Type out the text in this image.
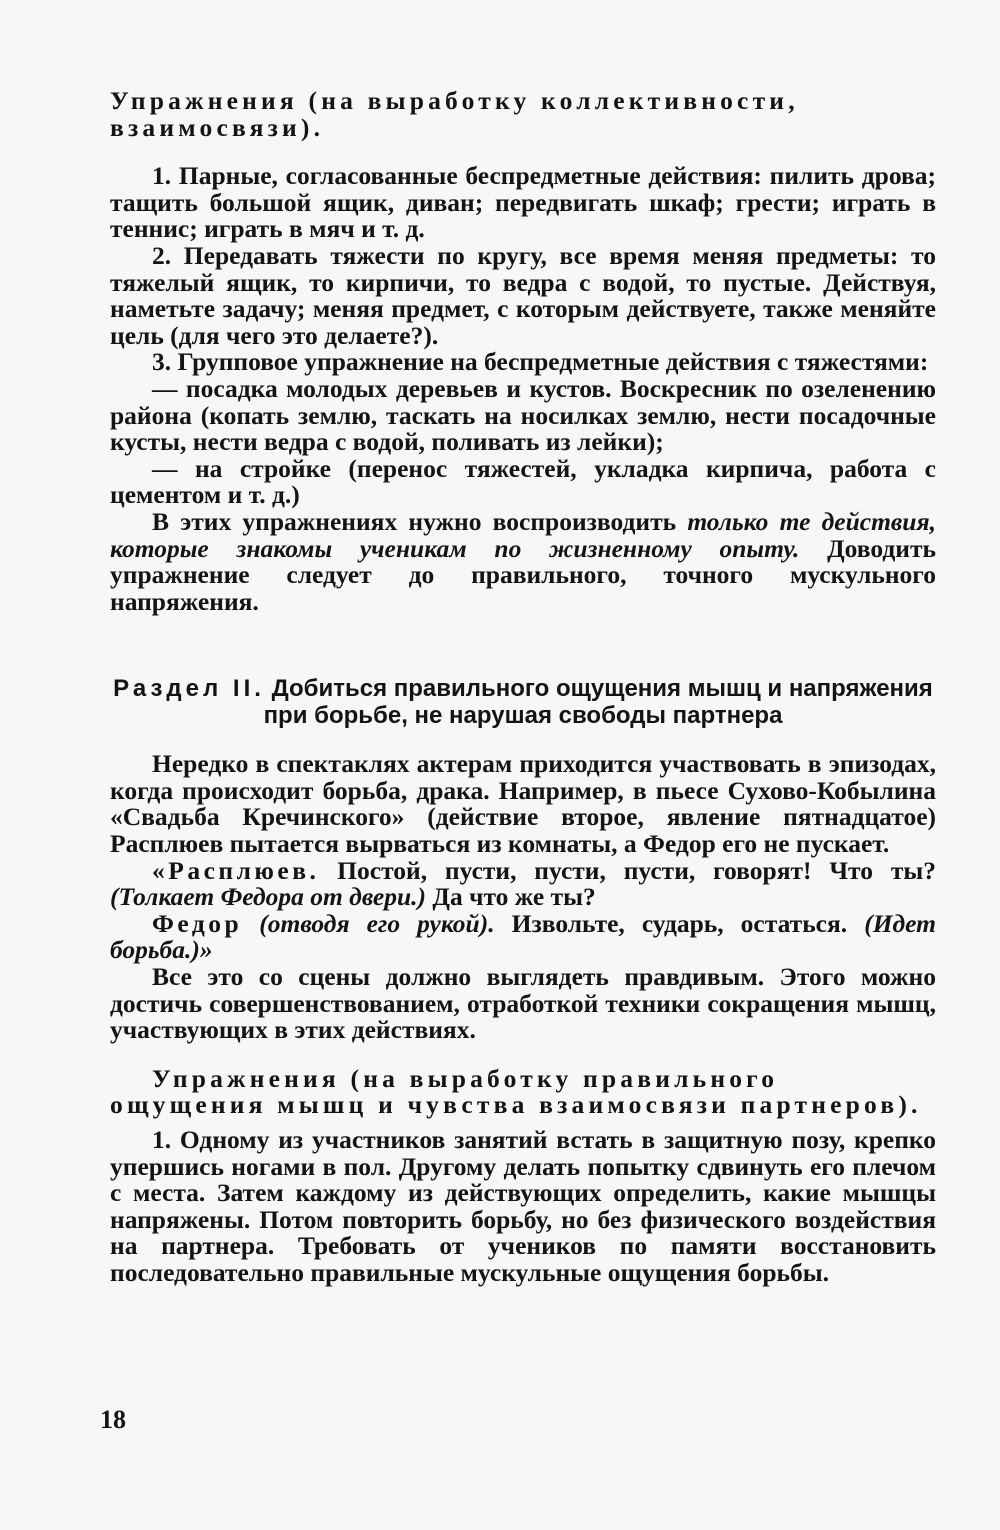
Упражнения (на выработку коллективности, взаимосвязи).

1. Парные, согласованные беспредметные действия: пилить дрова; тащить большой ящик, диван; передвигать шкаф; грести; играть в теннис; играть в мяч и т. д.

2. Передавать тяжести по кругу, все время меняя предметы: то тяжелый ящик, то кирпичи, то ведра с водой, то пустые. Действуя, наметьте задачу; меняя предмет, с которым действуете, также меняйте цель (для чего это делаете?).

3. Групповое упражнение на беспредметные действия с тяжестями:

— посадка молодых деревьев и кустов. Воскресник по озеленению района (копать землю, таскать на носилках землю, нести посадочные кусты, нести ведра с водой, поливать из лейки);

— на стройке (перенос тяжестей, укладка кирпича, работа с цементом и т. д.)

В этих упражнениях нужно воспроизводить только те действия, которые знакомы ученикам по жизненному опыту. Доводить упражнение следует до правильного, точного мускульного напряжения.

Раздел II. Добиться правильного ощущения мышц и напряжения при борьбе, не нарушая свободы партнера

Нередко в спектаклях актерам приходится участвовать в эпизодах, когда происходит борьба, драка. Например, в пьесе Сухово-Кобылина «Свадьба Кречинского» (действие второе, явление пятнадцатое) Расплюев пытается вырваться из комнаты, а Федор его не пускает.

«Расплюев. Постой, пусти, пусти, пусти, говорят! Что ты? (Толкает Федора от двери.) Да что же ты?

Федор (отводя его рукой). Извольте, сударь, остаться. (Идет борьба.)»

Все это со сцены должно выглядеть правдивым. Этого можно достичь совершенствованием, отработкой техники сокращения мышц, участвующих в этих действиях.

Упражнения (на выработку правильного ощущения мышц и чувства взаимосвязи партнеров).

1. Одному из участников занятий встать в защитную позу, крепко упершись ногами в пол. Другому делать попытку сдвинуть его плечом с места. Затем каждому из действующих определить, какие мышцы напряжены. Потом повторить борьбу, но без физического воздействия на партнера. Требовать от учеников по памяти восстановить последовательно правильные мускульные ощущения борьбы.

18
